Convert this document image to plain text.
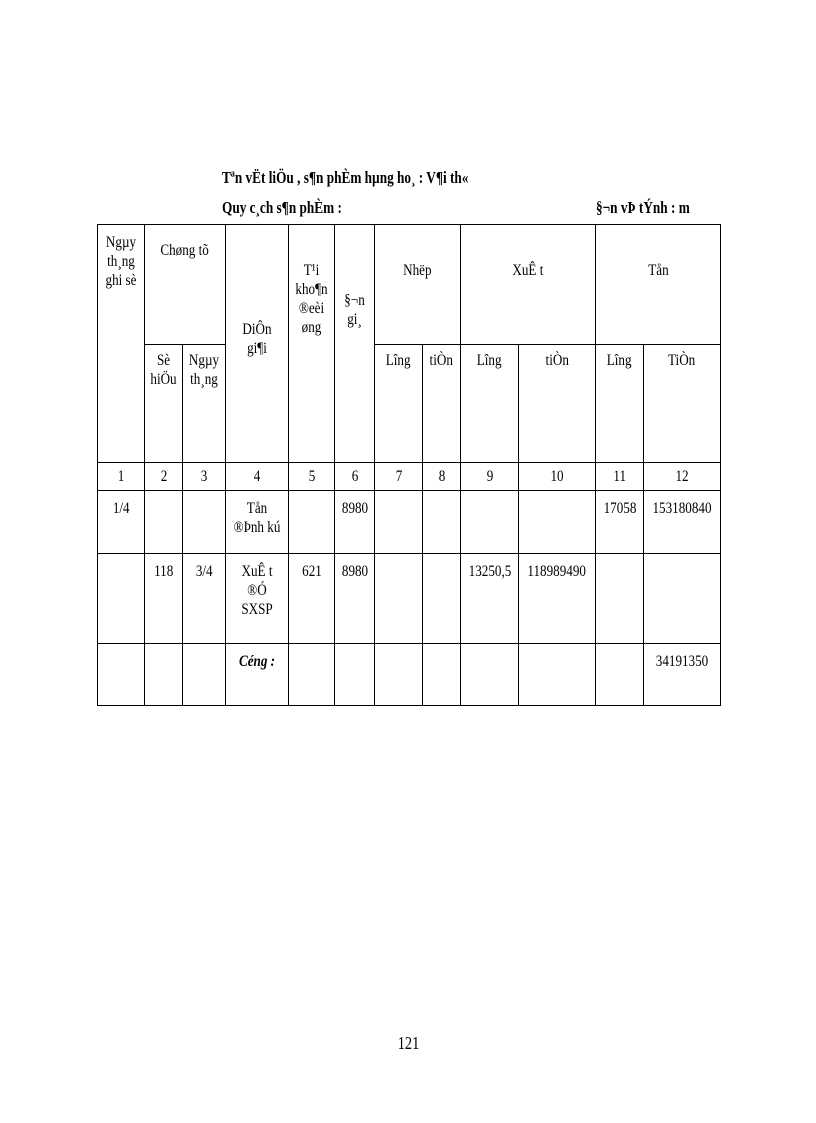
Tªn vËt liÖu , s¶n phÈm hµng ho¸ : V¶i th«
Quy c¸ch s¶n phÈm :	§¬n vÞ tÝnh : m
Ngµy th¸ng ghi sè	Chøng tõ		DiÔn gi¶i	T¹i kho¶n ®eèi øng	§¬n gi¸	Nhëp		XuÊ t		Tån	
	Sè hiÖu	Ngµy th¸ng				Lîng	tiÒn	Lîng	tiÒn	Lîng	TiÒn
1	2	3	4	5	6	7	8	9	10	11	12
1/4			Tån ®Þnh kú		8980					17058	153180840
	118	3/4	XuÊ t ®Ó SXSP	621	8980			13250,5	118989490		
			Céng :								34191350
121
